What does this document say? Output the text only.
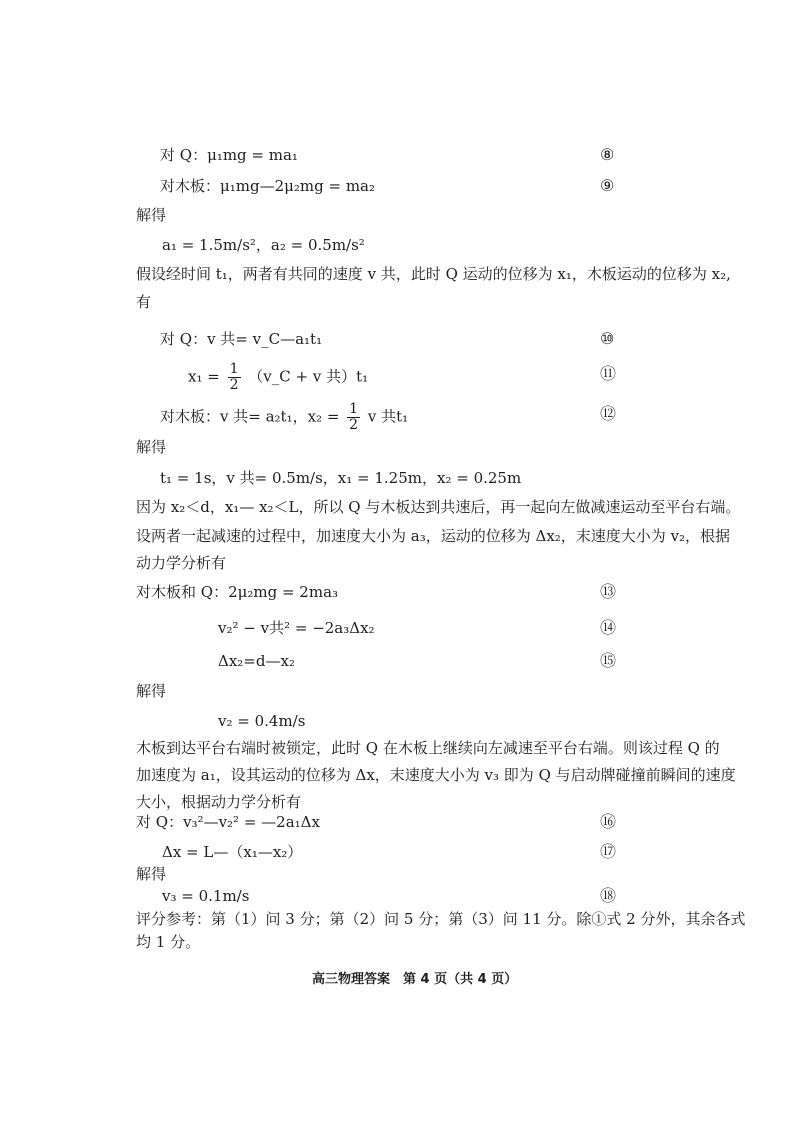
对 Q：μ₁mg = ma₁	⑧
对木板：μ₁mg—2μ₂mg = ma₂	⑨
解得
a₁ = 1.5m/s²，a₂ = 0.5m/s²
假设经时间 t₁，两者有共同的速度 v 共，此时 Q 运动的位移为 x₁，木板运动的位移为 x₂,
有
对 Q：v 共= v_C—a₁t₁	⑩
$x_1 = \frac{1}{2}$ （v_C + v 共）t₁	⑪
对木板：v 共= a₂t₁，$x_2 = \frac{1}{2}$ v 共t₁	⑫
解得
t₁ = 1s，v 共= 0.5m/s，x₁ = 1.25m，x₂ = 0.25m
因为 x₂＜d，x₁— x₂＜L，所以 Q 与木板达到共速后，再一起向左做减速运动至平台右端。
设两者一起减速的过程中，加速度大小为 a₃，运动的位移为 Δx₂，末速度大小为 v₂，根据
动力学分析有
对木板和 Q：2μ₂mg = 2ma₃	⑬
v₂² − v共² = −2a₃Δx₂	⑭
Δx₂=d—x₂	⑮
解得
v₂ = 0.4m/s
木板到达平台右端时被锁定，此时 Q 在木板上继续向左减速至平台右端。则该过程 Q 的
加速度为 a₁，设其运动的位移为 Δx，末速度大小为 v₃ 即为 Q 与启动牌碰撞前瞬间的速度
大小，根据动力学分析有
对 Q：v₃²—v₂² = —2a₁Δx	⑯
Δx = L—（x₁—x₂）	⑰
解得
v₃ = 0.1m/s	⑱
评分参考：第（1）问 3 分；第（2）问 5 分；第（3）问 11 分。除①式 2 分外，其余各式
均 1 分。
高三物理答案　第 4 页（共 4 页）
